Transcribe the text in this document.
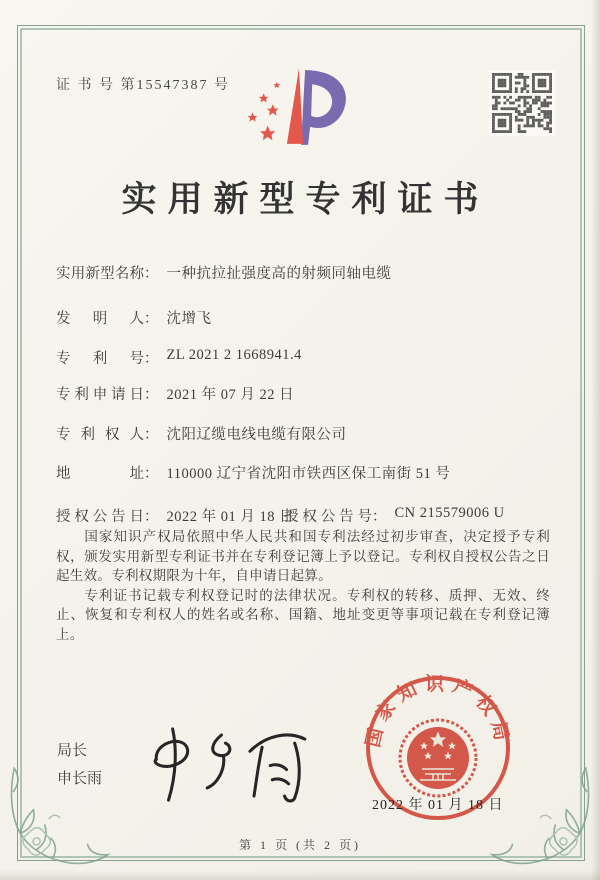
证 书 号 第15547387 号
实用新型专利证书
实用新型名称： 一种抗拉扯强度高的射频同轴电缆
发明人： 沈增飞
专利号： ZL 2021 2 1668941.4
专利申请日： 2021 年 07 月 22 日
专利权人： 沈阳辽缆电线电缆有限公司
地址： 110000 辽宁省沈阳市铁西区保工南街 51 号
授权公告日： 2022 年 01 月 18 日
授权公告号： CN 215579006 U

国家知识产权局依照中华人民共和国专利法经过初步审查，决定授予专利权，颁发实用新型专利证书并在专利登记簿上予以登记。专利权自授权公告之日起生效。专利权期限为十年，自申请日起算。

专利证书记载专利权登记时的法律状况。专利权的转移、质押、无效、终止、恢复和专利权人的姓名或名称、国籍、地址变更等事项记载在专利登记簿上。

局长
申长雨
国家知识产权局
2022 年 01 月 18 日
第 1 页 (共 2 页)
